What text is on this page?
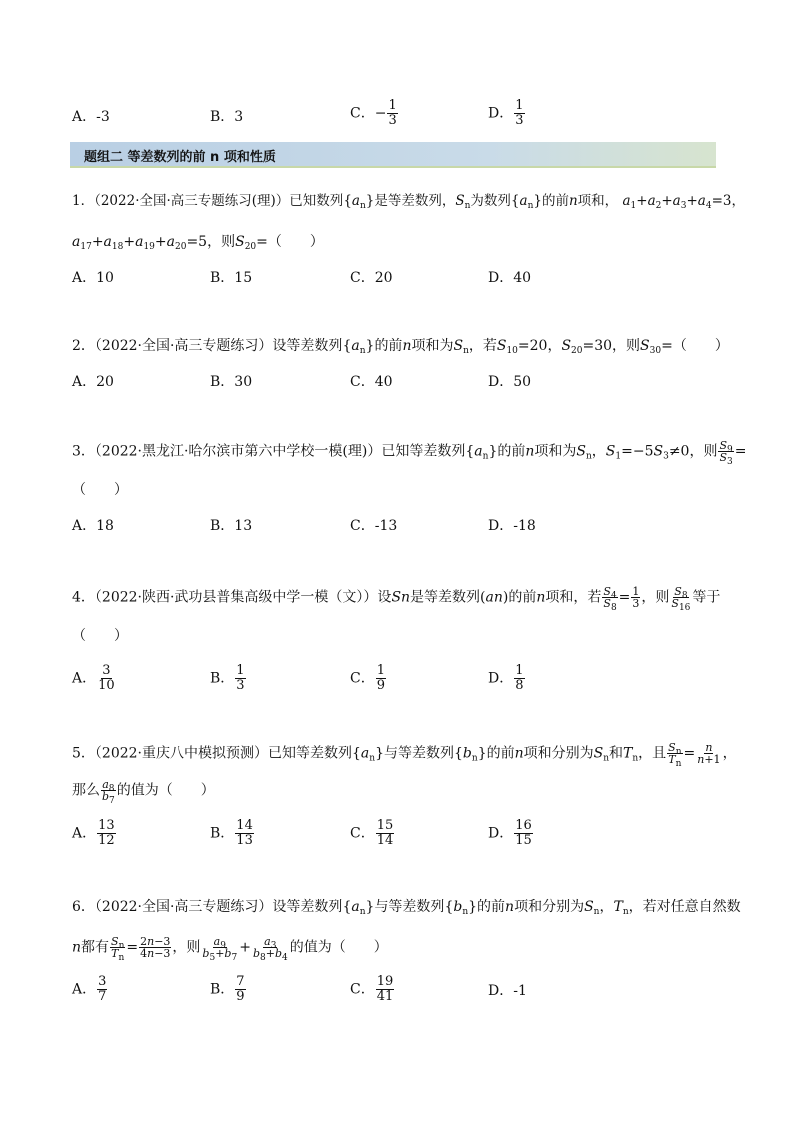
A．-3	B．3	C．− $\frac{1}{3}$	D． $\frac{1}{3}$
题组二 等差数列的前 n 项和性质
1．（2022·全国·高三专题练习(理)）已知数列$\{a_n\}$是等差数列，$S_n$为数列$\{a_n\}$的前n项和， $a_1+a_2+a_3+a_4=3$，
$a_{17}+a_{18}+a_{19}+a_{20}=5$，则$S_{20}=$（　　）
A．10	B．15	C．20	D．40
2．（2022·全国·高三专题练习）设等差数列$\{a_n\}$的前n项和为$S_n$，若$S_{10}=20$，$S_{20}=30$，则$S_{30}=$（　　）
A．20	B．30	C．40	D．50
3．（2022·黑龙江·哈尔滨市第六中学校一模(理)）已知等差数列$\{a_n\}$的前n项和为$S_n$，$S_1=-5S_3\ne 0$，则 $\frac{S_9}{S_3}$ =
（　　）
A．18	B．13	C．-13	D．-18
4．（2022·陕西·武功县普集高级中学一模（文））设Sn是等差数列(an)的前n项和，若 $\frac{S_4}{S_8} = \frac{1}{3}$ ，则 $\frac{S_8}{S_{16}}$ 等于
（　　）
A． $\frac{3}{10}$	B． $\frac{1}{3}$	C． $\frac{1}{9}$	D． $\frac{1}{8}$
5．（2022·重庆八中模拟预测）已知等差数列$\{a_n\}$与等差数列$\{b_n\}$的前n项和分别为$S_n$和$T_n$，且 $\frac{S_n}{T_n} = \frac{n}{n+1}$ ，
那么 $\frac{a_8}{b_7}$ 的值为（　　）
A． $\frac{13}{12}$	B． $\frac{14}{13}$	C． $\frac{15}{14}$	D． $\frac{16}{15}$
6．（2022·全国·高三专题练习）设等差数列$\{a_n\}$与等差数列$\{b_n\}$的前n项和分别为$S_n$，$T_n$，若对任意自然数
n都有 $\frac{S_n}{T_n} = \frac{2n-3}{4n-3}$ ，则 $\frac{a_9}{b_5+b_7} + \frac{a_3}{b_8+b_4}$ 的值为（　　）
A． $\frac{3}{7}$	B． $\frac{7}{9}$	C． $\frac{19}{41}$	D．-1
